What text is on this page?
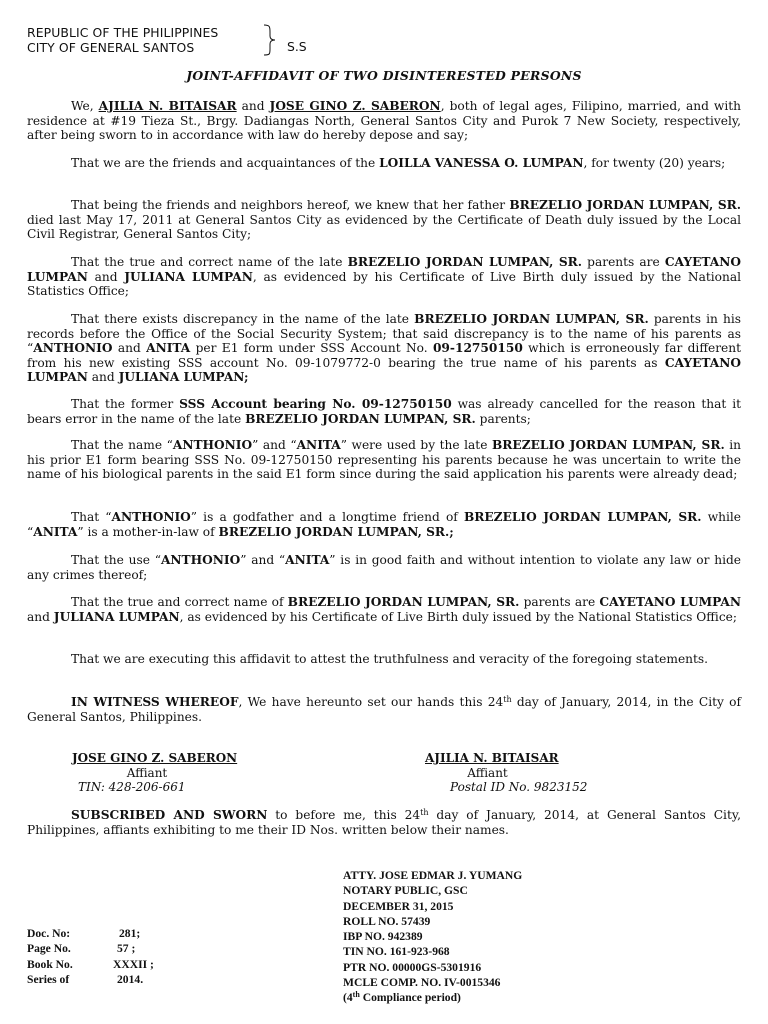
REPUBLIC OF THE PHILIPPINES
CITY OF GENERAL SANTOS	S.S
JOINT-AFFIDAVIT OF TWO DISINTERESTED PERSONS

We, AJILIA N. BITAISAR and JOSE GINO Z. SABERON, both of legal ages, Filipino, married, and with residence at #19 Tieza St., Brgy. Dadiangas North, General Santos City and Purok 7 New Society, respectively, after being sworn to in accordance with law do hereby depose and say;

That we are the friends and acquaintances of the LOILLA VANESSA O. LUMPAN, for twenty (20) years;

That being the friends and neighbors hereof, we knew that her father BREZELIO JORDAN LUMPAN, SR. died last May 17, 2011 at General Santos City as evidenced by the Certificate of Death duly issued by the Local Civil Registrar, General Santos City;

That the true and correct name of the late BREZELIO JORDAN LUMPAN, SR. parents are CAYETANO LUMPAN and JULIANA LUMPAN, as evidenced by his Certificate of Live Birth duly issued by the National Statistics Office;

That there exists discrepancy in the name of the late BREZELIO JORDAN LUMPAN, SR. parents in his records before the Office of the Social Security System; that said discrepancy is to the name of his parents as “ANTHONIO and ANITA per E1 form under SSS Account No. 09-12750150 which is erroneously far different from his new existing SSS account No. 09-1079772-0 bearing the true name of his parents as CAYETANO LUMPAN and JULIANA LUMPAN;

That the former SSS Account bearing No. 09-12750150 was already cancelled for the reason that it bears error in the name of the late BREZELIO JORDAN LUMPAN, SR. parents;

That the name “ANTHONIO” and “ANITA” were used by the late BREZELIO JORDAN LUMPAN, SR. in his prior E1 form bearing SSS No. 09-12750150 representing his parents because he was uncertain to write the name of his biological parents in the said E1 form since during the said application his parents were already dead;

That “ANTHONIO” is a godfather and a longtime friend of BREZELIO JORDAN LUMPAN, SR. while “ANITA” is a mother-in-law of BREZELIO JORDAN LUMPAN, SR.;

That the use “ANTHONIO” and “ANITA” is in good faith and without intention to violate any law or hide any crimes thereof;

That the true and correct name of BREZELIO JORDAN LUMPAN, SR. parents are CAYETANO LUMPAN and JULIANA LUMPAN, as evidenced by his Certificate of Live Birth duly issued by the National Statistics Office;

That we are executing this affidavit to attest the truthfulness and veracity of the foregoing statements.

IN WITNESS WHEREOF, We have hereunto set our hands this 24th day of January, 2014, in the City of General Santos, Philippines.

JOSE GINO Z. SABERON
Affiant
TIN: 428-206-661
AJILIA N. BITAISAR
Affiant
Postal ID No. 9823152

SUBSCRIBED AND SWORN to before me, this 24th day of January, 2014, at General Santos City, Philippines, affiants exhibiting to me their ID Nos. written below their names.

ATTY. JOSE EDMAR J. YUMANG
NOTARY PUBLIC, GSC
DECEMBER 31, 2015
ROLL NO. 57439
IBP NO. 942389
TIN NO. 161-923-968
PTR NO. 00000GS-5301916
MCLE COMP. NO. IV-0015346
(4th Compliance period)
Doc. No:	281;
Page No.	57 ;
Book No.	XXXII ;
Series of	2014.
